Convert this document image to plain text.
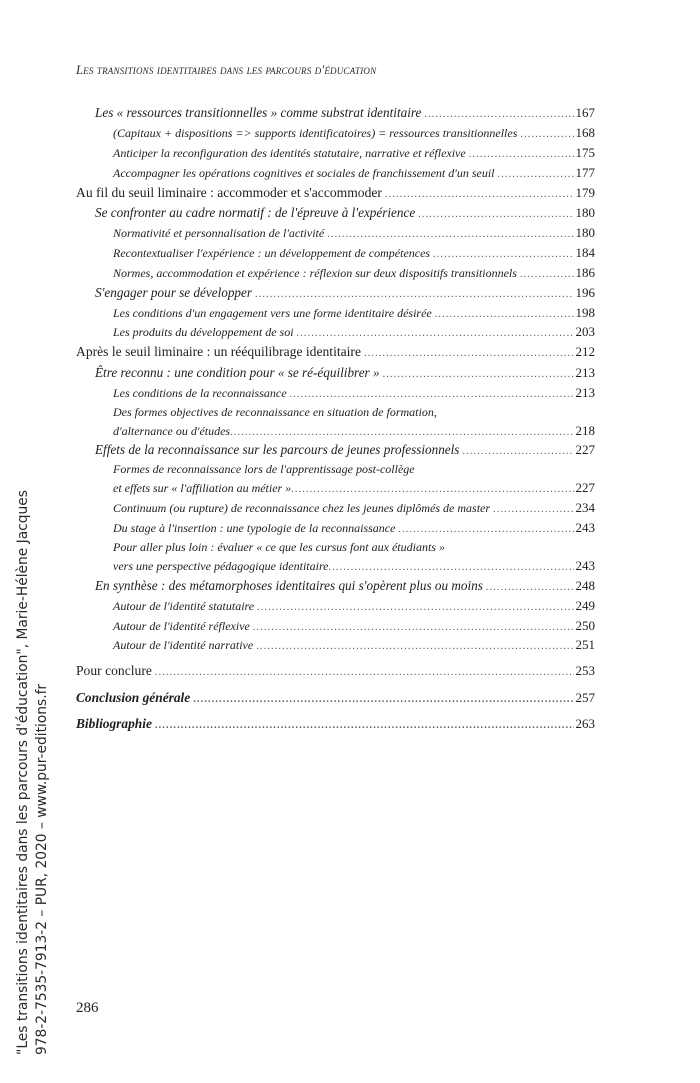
Les transitions identitaires dans les parcours d'éducation
Les « ressources transitionnelles » comme substrat identitaire .....	167
(Capitaux + dispositions => supports identificatoires) = ressources transitionnelles .....	168
Anticiper la reconfiguration des identités statutaire, narrative et réflexive .....	175
Accompagner les opérations cognitives et sociales de franchissement d'un seuil .....	177
Au fil du seuil liminaire : accommoder et s'accommoder .....	179
Se confronter au cadre normatif : de l'épreuve à l'expérience .....	180
Normativité et personnalisation de l'activité .....	180
Recontextualiser l'expérience : un développement de compétences .....	184
Normes, accommodation et expérience : réflexion sur deux dispositifs transitionnels .....	186
S'engager pour se développer .....	196
Les conditions d'un engagement vers une forme identitaire désirée .....	198
Les produits du développement de soi .....	203
Après le seuil liminaire : un rééquilibrage identitaire .....	212
Être reconnu : une condition pour « se ré-équilibrer » .....	213
Les conditions de la reconnaissance .....	213
Des formes objectives de reconnaissance en situation de formation,
d'alternance ou d'études .....	218
Effets de la reconnaissance sur les parcours de jeunes professionnels .....	227
Formes de reconnaissance lors de l'apprentissage post-collège
et effets sur « l'affiliation au métier » .....	227
Continuum (ou rupture) de reconnaissance chez les jeunes diplômés de master .....	234
Du stage à l'insertion : une typologie de la reconnaissance .....	243
Pour aller plus loin : évaluer « ce que les cursus font aux étudiants »
vers une perspective pédagogique identitaire .....	243
En synthèse : des métamorphoses identitaires qui s'opèrent plus ou moins .....	248
Autour de l'identité statutaire .....	249
Autour de l'identité réflexive .....	250
Autour de l'identité narrative .....	251
Pour conclure .....	253
Conclusion générale .....	257
Bibliographie .....	263
286
"Les transitions identitaires dans les parcours d'éducation", Marie-Hélène Jacques 978-2-7535-7913-2 – PUR, 2020 – www.pur-editions.fr
